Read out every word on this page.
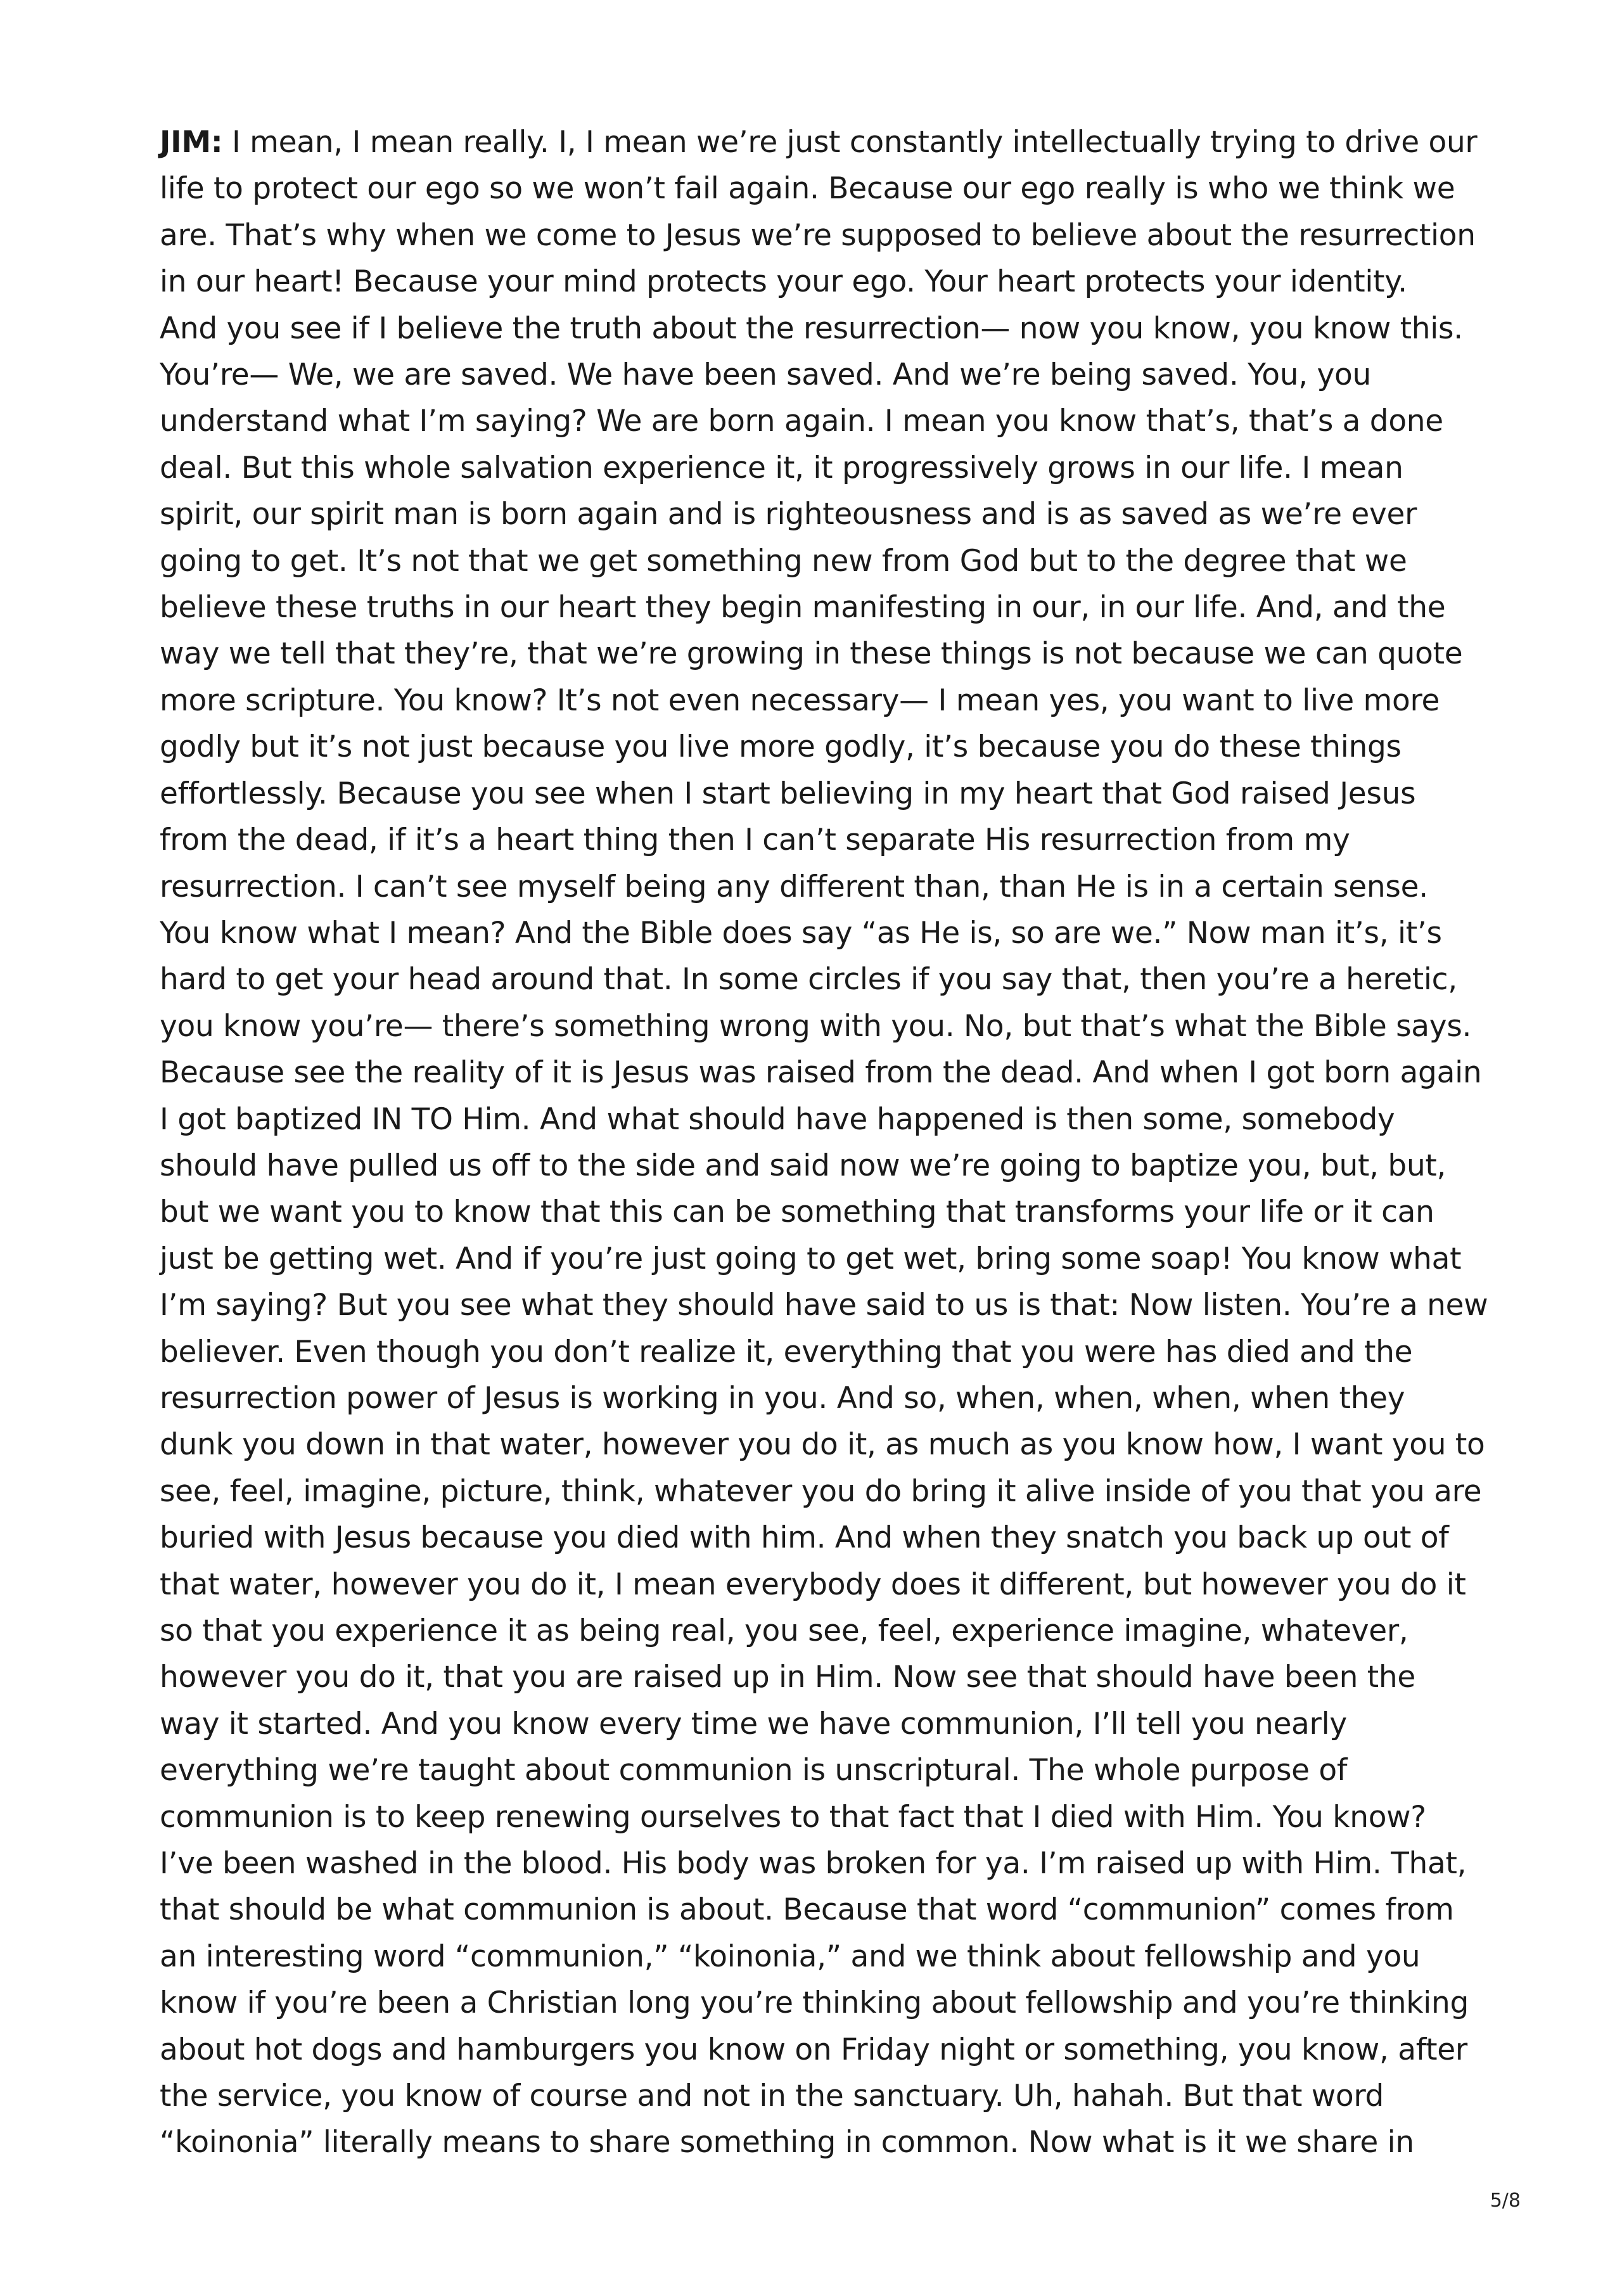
JIM: I mean, I mean really. I, I mean we’re just constantly intellectually trying to drive our
life to protect our ego so we won’t fail again. Because our ego really is who we think we
are. That’s why when we come to Jesus we’re supposed to believe about the resurrection
in our heart! Because your mind protects your ego. Your heart protects your identity.
And you see if I believe the truth about the resurrection— now you know, you know this.
You’re— We, we are saved. We have been saved. And we’re being saved. You, you
understand what I’m saying? We are born again. I mean you know that’s, that’s a done
deal. But this whole salvation experience it, it progressively grows in our life. I mean
spirit, our spirit man is born again and is righteousness and is as saved as we’re ever
going to get. It’s not that we get something new from God but to the degree that we
believe these truths in our heart they begin manifesting in our, in our life. And, and the
way we tell that they’re, that we’re growing in these things is not because we can quote
more scripture. You know? It’s not even necessary— I mean yes, you want to live more
godly but it’s not just because you live more godly, it’s because you do these things
effortlessly. Because you see when I start believing in my heart that God raised Jesus
from the dead, if it’s a heart thing then I can’t separate His resurrection from my
resurrection. I can’t see myself being any different than, than He is in a certain sense.
You know what I mean? And the Bible does say “as He is, so are we.” Now man it’s, it’s
hard to get your head around that. In some circles if you say that, then you’re a heretic,
you know you’re— there’s something wrong with you. No, but that’s what the Bible says.
Because see the reality of it is Jesus was raised from the dead. And when I got born again
I got baptized IN TO Him. And what should have happened is then some, somebody
should have pulled us off to the side and said now we’re going to baptize you, but, but,
but we want you to know that this can be something that transforms your life or it can
just be getting wet. And if you’re just going to get wet, bring some soap! You know what
I’m saying? But you see what they should have said to us is that: Now listen. You’re a new
believer. Even though you don’t realize it, everything that you were has died and the
resurrection power of Jesus is working in you. And so, when, when, when, when they
dunk you down in that water, however you do it, as much as you know how, I want you to
see, feel, imagine, picture, think, whatever you do bring it alive inside of you that you are
buried with Jesus because you died with him. And when they snatch you back up out of
that water, however you do it, I mean everybody does it different, but however you do it
so that you experience it as being real, you see, feel, experience imagine, whatever,
however you do it, that you are raised up in Him. Now see that should have been the
way it started. And you know every time we have communion, I’ll tell you nearly
everything we’re taught about communion is unscriptural. The whole purpose of
communion is to keep renewing ourselves to that fact that I died with Him. You know?
I’ve been washed in the blood. His body was broken for ya. I’m raised up with Him. That,
that should be what communion is about. Because that word “communion” comes from
an interesting word “communion,” “koinonia,” and we think about fellowship and you
know if you’re been a Christian long you’re thinking about fellowship and you’re thinking
about hot dogs and hamburgers you know on Friday night or something, you know, after
the service, you know of course and not in the sanctuary. Uh, hahah. But that word
“koinonia” literally means to share something in common. Now what is it we share in
5/8
